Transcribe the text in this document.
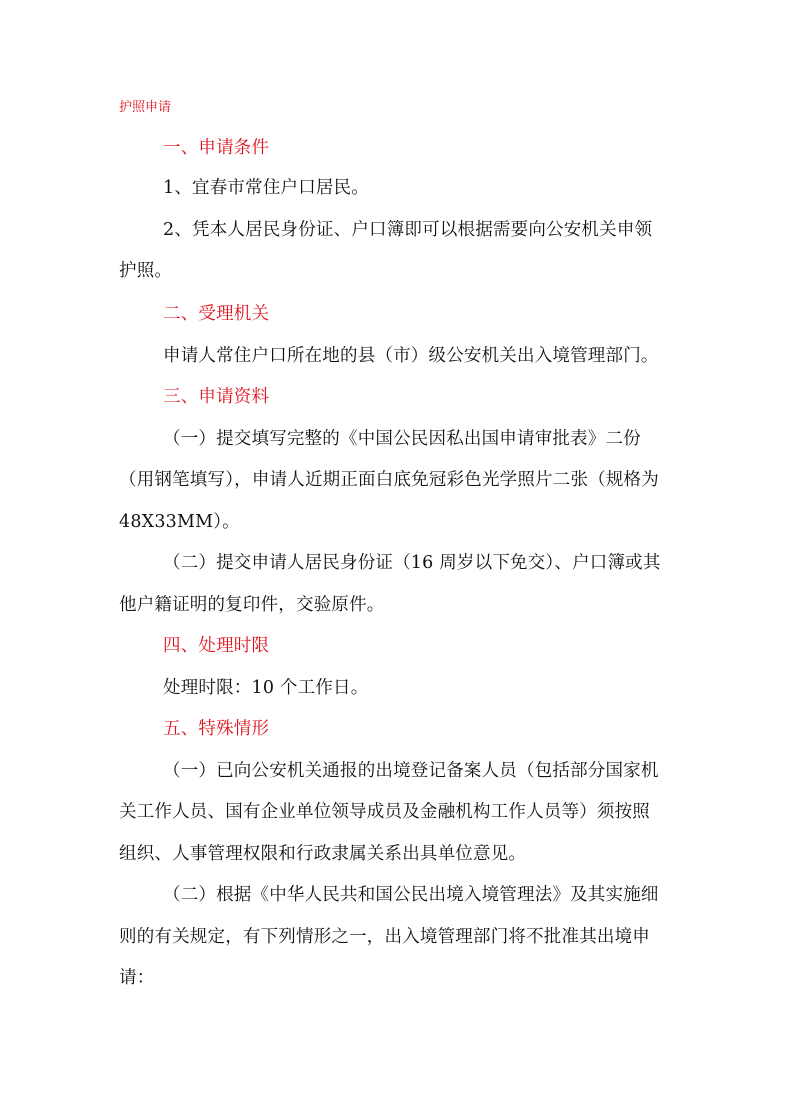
护照申请
一、申请条件
1、宜春市常住户口居民。
2、凭本人居民身份证、户口簿即可以根据需要向公安机关申领
护照。
二、受理机关
申请人常住户口所在地的县（市）级公安机关出入境管理部门。
三、申请资料
（一）提交填写完整的《中国公民因私出国申请审批表》二份
（用钢笔填写），申请人近期正面白底免冠彩色光学照片二张（规格为
48X33MM）。
（二）提交申请人居民身份证（16 周岁以下免交）、户口簿或其
他户籍证明的复印件，交验原件。
四、处理时限
处理时限：10 个工作日。
五、特殊情形
（一）已向公安机关通报的出境登记备案人员（包括部分国家机
关工作人员、国有企业单位领导成员及金融机构工作人员等）须按照
组织、人事管理权限和行政隶属关系出具单位意见。
（二）根据《中华人民共和国公民出境入境管理法》及其实施细
则的有关规定，有下列情形之一，出入境管理部门将不批准其出境申
请：
